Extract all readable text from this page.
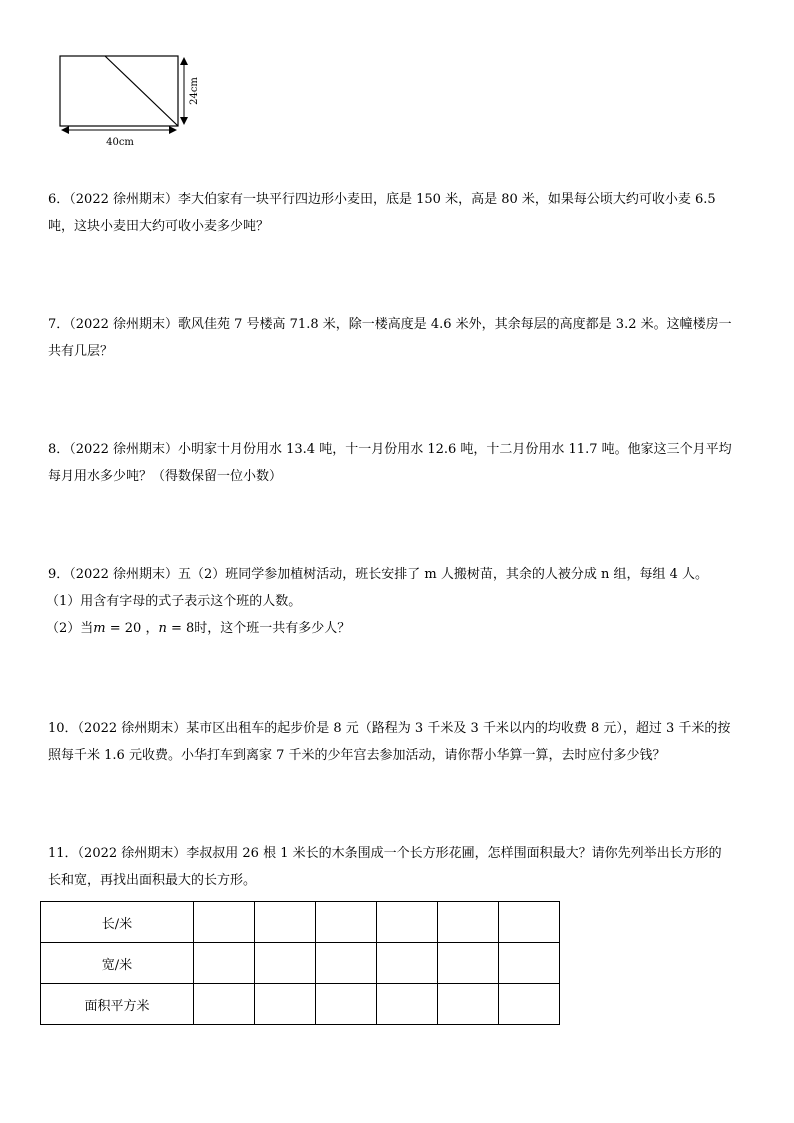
40cm
24cm

6．（2022 徐州期末）李大伯家有一块平行四边形小麦田，底是 150 米，高是 80 米，如果每公顷大约可收小麦 6.5

吨，这块小麦田大约可收小麦多少吨？

7．（2022 徐州期末）歌风佳苑 7 号楼高 71.8 米，除一楼高度是 4.6 米外，其余每层的高度都是 3.2 米。这幢楼房一

共有几层？

8．（2022 徐州期末）小明家十月份用水 13.4 吨，十一月份用水 12.6 吨，十二月份用水 11.7 吨。他家这三个月平均

每月用水多少吨？（得数保留一位小数）

9．（2022 徐州期末）五（2）班同学参加植树活动，班长安排了 m 人搬树苗，其余的人被分成 n 组，每组 4 人。

（1）用含有字母的式子表示这个班的人数。

（2）当m = 20 ，n = 8时，这个班一共有多少人？

10．（2022 徐州期末）某市区出租车的起步价是 8 元（路程为 3 千米及 3 千米以内的均收费 8 元），超过 3 千米的按

照每千米 1.6 元收费。小华打车到离家 7 千米的少年宫去参加活动，请你帮小华算一算，去时应付多少钱？

11．（2022 徐州期末）李叔叔用 26 根 1 米长的木条围成一个长方形花圃，怎样围面积最大？请你先列举出长方形的

长和宽，再找出面积最大的长方形。

长/米						
宽/米						
面积平方米						
